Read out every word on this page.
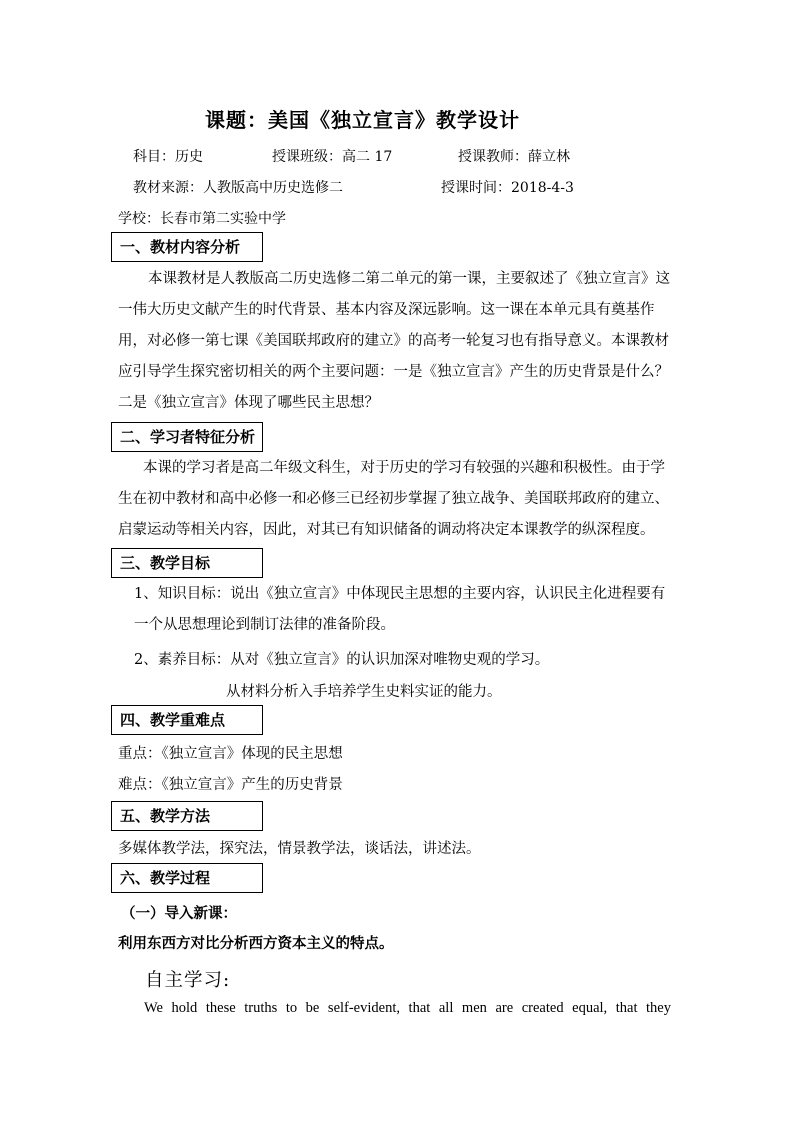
课题：美国《独立宣言》教学设计
科目：历史	授课班级：高二 17	授课教师：薛立林
教材来源：人教版高中历史选修二	授课时间：2018-4-3
学校：长春市第二实验中学
一、教材内容分析
本课教材是人教版高二历史选修二第二单元的第一课，主要叙述了《独立宣言》这一伟大历史文献产生的时代背景、基本内容及深远影响。这一课在本单元具有奠基作用，对必修一第七课《美国联邦政府的建立》的高考一轮复习也有指导意义。本课教材应引导学生探究密切相关的两个主要问题：一是《独立宣言》产生的历史背景是什么？二是《独立宣言》体现了哪些民主思想？
二、学习者特征分析
本课的学习者是高二年级文科生，对于历史的学习有较强的兴趣和积极性。由于学生在初中教材和高中必修一和必修三已经初步掌握了独立战争、美国联邦政府的建立、启蒙运动等相关内容，因此，对其已有知识储备的调动将决定本课教学的纵深程度。
三、教学目标
1、知识目标：说出《独立宣言》中体现民主思想的主要内容，认识民主化进程要有一个从思想理论到制订法律的准备阶段。
2、素养目标：从对《独立宣言》的认识加深对唯物史观的学习。
从材料分析入手培养学生史料实证的能力。
四、教学重难点
重点：《独立宣言》体现的民主思想
难点：《独立宣言》产生的历史背景
五、教学方法
多媒体教学法，探究法，情景教学法，谈话法，讲述法。
六、教学过程
（一）导入新课：
利用东西方对比分析西方资本主义的特点。
自主学习:
We hold these truths to be self-evident, that all men are created equal, that they
